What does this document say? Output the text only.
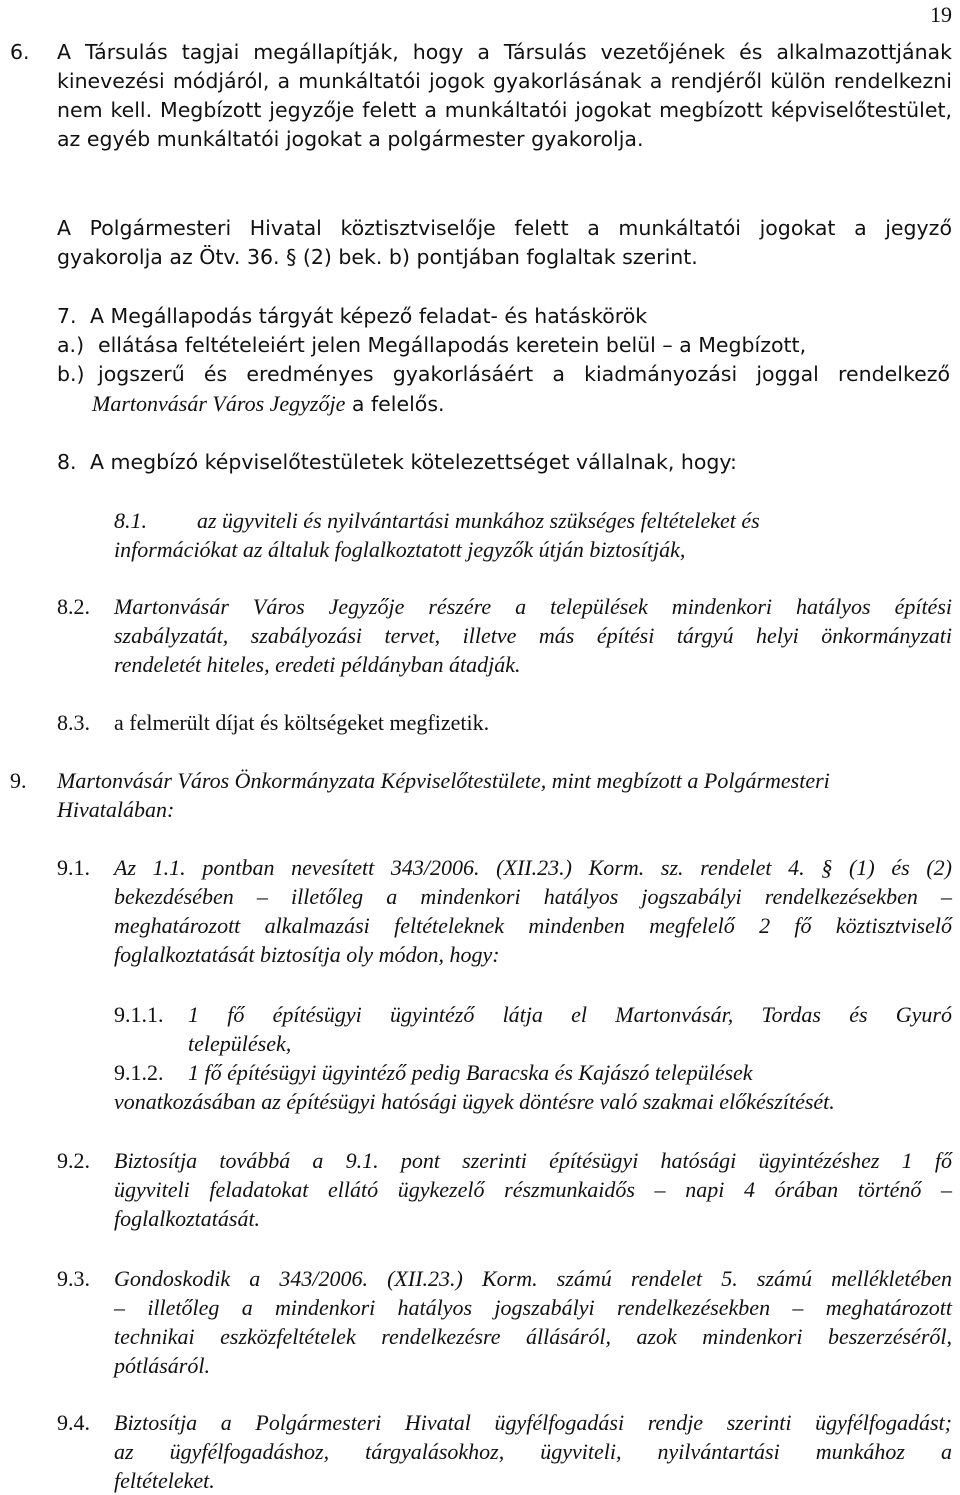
19
6. A Társulás tagjai megállapítják, hogy a Társulás vezetőjének és alkalmazottjának
kinevezési módjáról, a munkáltatói jogok gyakorlásának a rendjéről külön rendelkezni
nem kell. Megbízott jegyzője felett a munkáltatói jogokat megbízott képviselőtestület,
az egyéb munkáltatói jogokat a polgármester gyakorolja.
A Polgármesteri Hivatal köztisztviselője felett a munkáltatói jogokat a jegyző
gyakorolja az Ötv. 36. § (2) bek. b) pontjában foglaltak szerint.
7. A Megállapodás tárgyát képező feladat- és hatáskörök
a.) ellátása feltételeiért jelen Megállapodás keretein belül – a Megbízott,
b.) jogszerű és eredményes gyakorlásáért a kiadmányozási joggal rendelkező
Martonvásár Város Jegyzője a felelős.
8. A megbízó képviselőtestületek kötelezettséget vállalnak, hogy:
8.1. az ügyviteli és nyilvántartási munkához szükséges feltételeket és
információkat az általuk foglalkoztatott jegyzők útján biztosítják,
8.2. Martonvásár Város Jegyzője részére a települések mindenkori hatályos építési
szabályzatát, szabályozási tervet, illetve más építési tárgyú helyi önkormányzati
rendeletét hiteles, eredeti példányban átadják.
8.3. a felmerült díjat és költségeket megfizetik.
9. Martonvásár Város Önkormányzata Képviselőtestülete, mint megbízott a Polgármesteri
Hivatalában:
9.1. Az 1.1. pontban nevesített 343/2006. (XII.23.) Korm. sz. rendelet 4. § (1) és (2)
bekezdésében – illetőleg a mindenkori hatályos jogszabályi rendelkezésekben –
meghatározott alkalmazási feltételeknek mindenben megfelelő 2 fő köztisztviselő
foglalkoztatását biztosítja oly módon, hogy:
9.1.1. 1 fő építésügyi ügyintéző látja el Martonvásár, Tordas és Gyuró
települések,
9.1.2. 1 fő építésügyi ügyintéző pedig Baracska és Kajászó települések
vonatkozásában az építésügyi hatósági ügyek döntésre való szakmai előkészítését.
9.2. Biztosítja továbbá a 9.1. pont szerinti építésügyi hatósági ügyintézéshez 1 fő
ügyviteli feladatokat ellátó ügykezelő részmunkaidős – napi 4 órában történő –
foglalkoztatását.
9.3. Gondoskodik a 343/2006. (XII.23.) Korm. számú rendelet 5. számú mellékletében
– illetőleg a mindenkori hatályos jogszabályi rendelkezésekben – meghatározott
technikai eszközfeltételek rendelkezésre állásáról, azok mindenkori beszerzéséről,
pótlásáról.
9.4. Biztosítja a Polgármesteri Hivatal ügyfélfogadási rendje szerinti ügyfélfogadást;
az ügyfélfogadáshoz, tárgyalásokhoz, ügyviteli, nyilvántartási munkához a
feltételeket.
